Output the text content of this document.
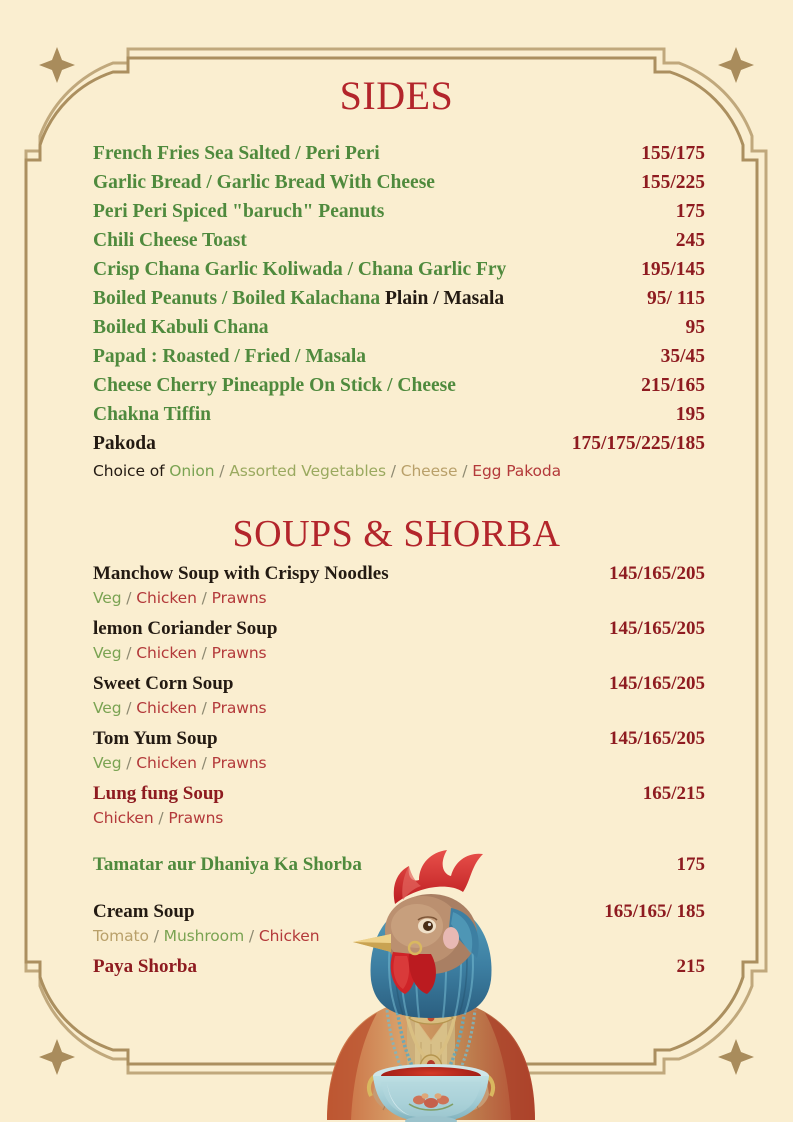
SIDES
French Fries Sea Salted / Peri Peri	155/175
Garlic Bread / Garlic Bread With Cheese	155/225
Peri Peri Spiced "baruch" Peanuts	175
Chili Cheese Toast	245
Crisp Chana Garlic Koliwada / Chana Garlic Fry	195/145
Boiled Peanuts / Boiled Kalachana Plain / Masala	95/ 115
Boiled Kabuli Chana	95
Papad : Roasted / Fried / Masala	35/45
Cheese Cherry Pineapple On Stick / Cheese	215/165
Chakna Tiffin	195
Pakoda	175/175/225/185
Choice of Onion / Assorted Vegetables / Cheese / Egg Pakoda
SOUPS & SHORBA
Manchow Soup with Crispy Noodles	145/165/205
Veg / Chicken / Prawns
lemon Coriander Soup	145/165/205
Veg / Chicken / Prawns
Sweet Corn Soup	145/165/205
Veg / Chicken / Prawns
Tom Yum Soup	145/165/205
Veg / Chicken / Prawns
Lung fung Soup	165/215
Chicken / Prawns
Tamatar aur Dhaniya Ka Shorba	175
Cream Soup	165/165/ 185
Tomato / Mushroom / Chicken
Paya Shorba	215
